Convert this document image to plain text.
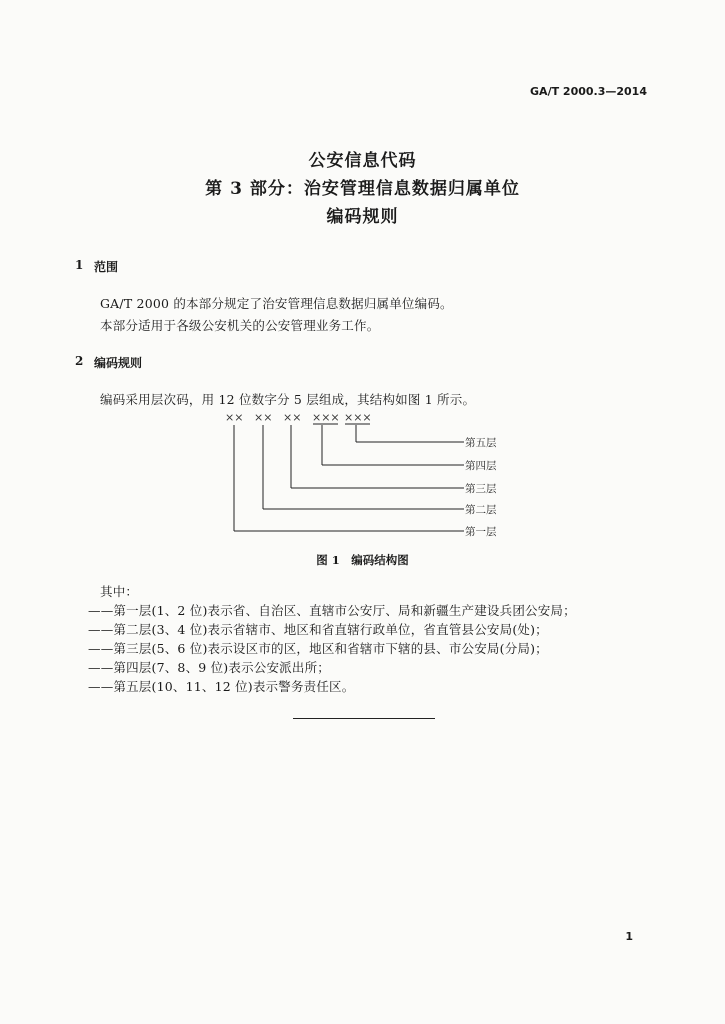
GA/T 2000.3—2014
公安信息代码
第 3 部分：治安管理信息数据归属单位
编码规则
1 范围
GA/T 2000 的本部分规定了治安管理信息数据归属单位编码。
本部分适用于各级公安机关的公安管理业务工作。
2 编码规则
编码采用层次码，用 12 位数字分 5 层组成，其结构如图 1 所示。
×× ×× ×× ××× ×××
第五层
第四层
第三层
第二层
第一层
图 1　编码结构图
其中：
——第一层(1、2 位)表示省、自治区、直辖市公安厅、局和新疆生产建设兵团公安局；
——第二层(3、4 位)表示省辖市、地区和省直辖行政单位，省直管县公安局(处)；
——第三层(5、6 位)表示设区市的区，地区和省辖市下辖的县、市公安局(分局)；
——第四层(7、8、9 位)表示公安派出所；
——第五层(10、11、12 位)表示警务责任区。
1
